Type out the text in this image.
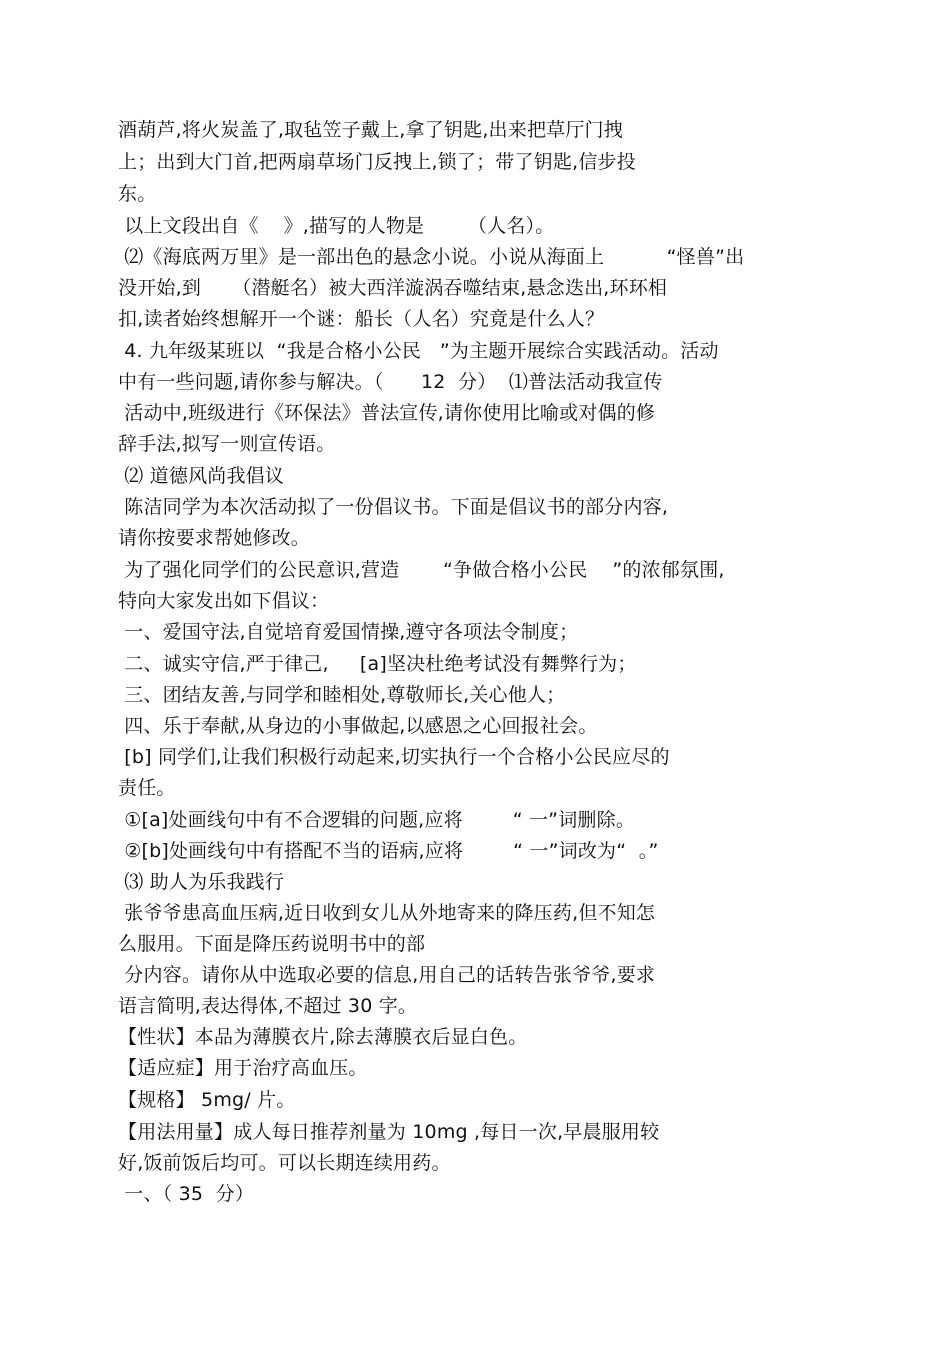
酒葫芦,将火炭盖了,取毡笠子戴上,拿了钥匙,出来把草厅门拽
上；出到大门首,把两扇草场门反拽上,锁了；带了钥匙,信步投
东。
以上文段出自《    》,描写的人物是       （人名）。
⑵《海底两万里》是一部出色的悬念小说。小说从海面上          “怪兽”出
没开始,到     （潜艇名）被大西洋漩涡吞噬结束,悬念迭出,环环相
扣,读者始终想解开一个谜：船长（人名）究竟是什么人？
4. 九年级某班以  “我是合格小公民   ”为主题开展综合实践活动。活动
中有一些问题,请你参与解决。（      12  分）  ⑴普法活动我宣传
活动中,班级进行《环保法》普法宣传,请你使用比喻或对偶的修
辞手法,拟写一则宣传语。
⑵ 道德风尚我倡议
陈洁同学为本次活动拟了一份倡议书。下面是倡议书的部分内容,
请你按要求帮她修改。
为了强化同学们的公民意识,营造       “争做合格小公民    ”的浓郁氛围,
特向大家发出如下倡议：
一、爱国守法,自觉培育爱国情操,遵守各项法令制度；
二、诚实守信,严于律己,     [a]坚决杜绝考试没有舞弊行为；
三、团结友善,与同学和睦相处,尊敬师长,关心他人；
四、乐于奉献,从身边的小事做起,以感恩之心回报社会。
[b] 同学们,让我们积极行动起来,切实执行一个合格小公民应尽的
责任。
①[a]处画线句中有不合逻辑的问题,应将        “ 一”词删除。
②[b]处画线句中有搭配不当的语病,应将        “ 一”词改为“  。”
⑶ 助人为乐我践行
张爷爷患高血压病,近日收到女儿从外地寄来的降压药,但不知怎
么服用。下面是降压药说明书中的部
分内容。请你从中选取必要的信息,用自己的话转告张爷爷,要求
语言简明,表达得体,不超过 30 字。
【性状】本品为薄膜衣片,除去薄膜衣后显白色。
【适应症】用于治疗高血压。
【规格】 5mg/ 片。
【用法用量】成人每日推荐剂量为 10mg ,每日一次,早晨服用较
好,饭前饭后均可。可以长期连续用药。
一、（ 35  分）
